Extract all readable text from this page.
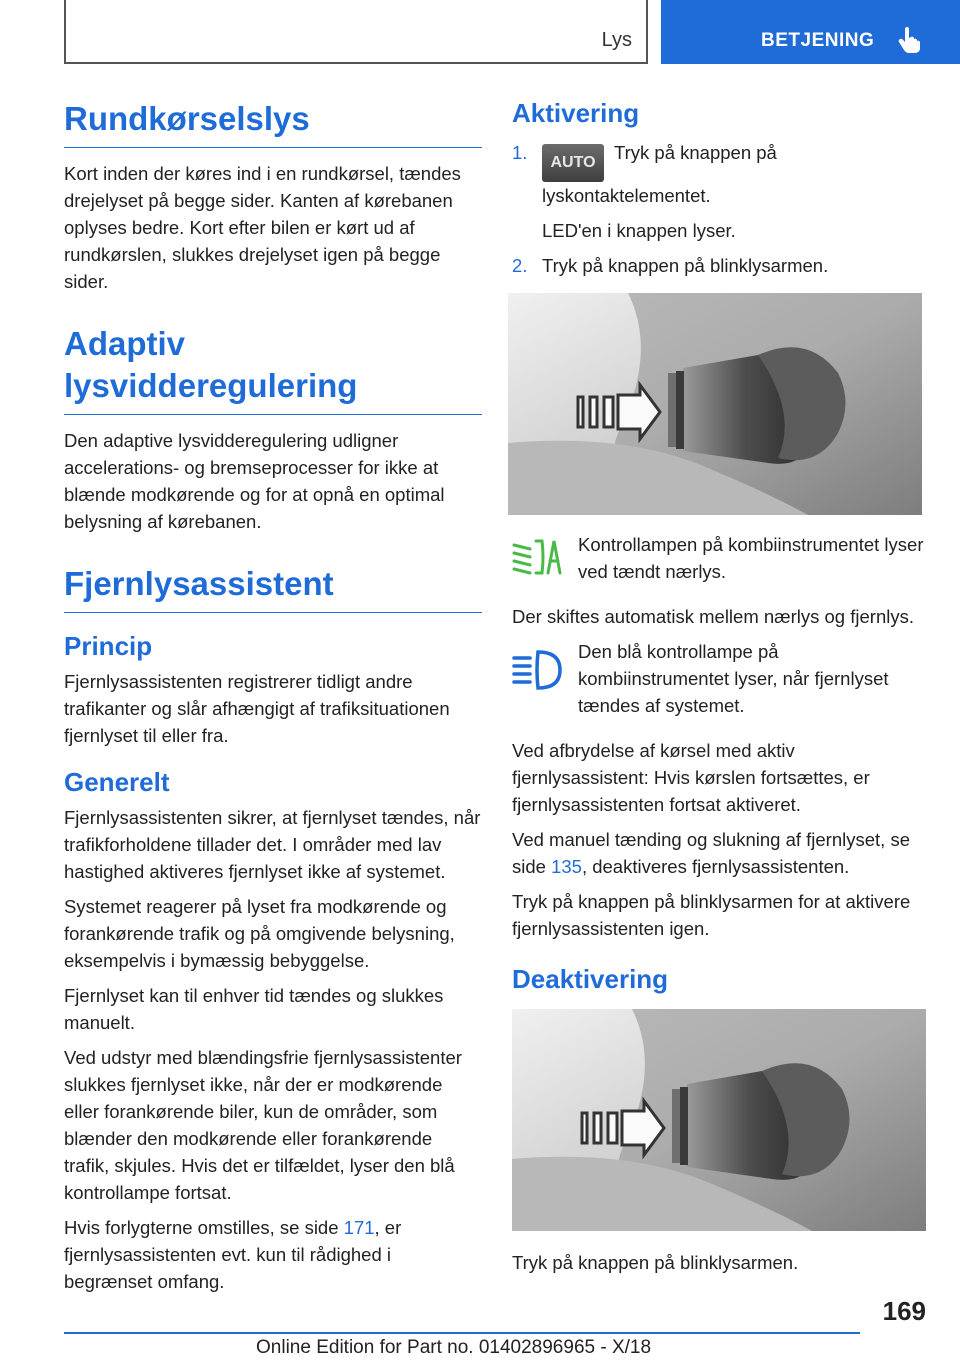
Lys	BETJENING
Rundkørselslys

Kort inden der køres ind i en rundkørsel, tændes drejelyset på begge sider. Kanten af kørebanen oplyses bedre. Kort efter bilen er kørt ud af rundkørslen, slukkes drejelyset igen på begge sider.

Adaptiv lysvidderegulering

Den adaptive lysvidderegulering udligner accelerations- og bremseprocesser for ikke at blænde modkørende og for at opnå en optimal belysning af kørebanen.

Fjernlysassistent
Princip

Fjernlysassistenten registrerer tidligt andre trafikanter og slår afhængigt af trafiksituationen fjernlyset til eller fra.

Generelt

Fjernlysassistenten sikrer, at fjernlyset tændes, når trafikforholdene tillader det. I områder med lav hastighed aktiveres fjernlyset ikke af systemet.

Systemet reagerer på lyset fra modkørende og forankørende trafik og på omgivende belysning, eksempelvis i bymæssig bebyggelse.

Fjernlyset kan til enhver tid tændes og slukkes manuelt.

Ved udstyr med blændingsfrie fjernlysassistenter slukkes fjernlyset ikke, når der er modkørende eller forankørende biler, kun de områder, som blænder den modkørende eller forankørende trafik, skjules. Hvis det er tilfældet, lyser den blå kontrollampe fortsat.

Hvis forlygterne omstilles, se side 171, er fjernlysassistenten evt. kun til rådighed i begrænset omfang.

Aktivering
1. AUTO Tryk på knappen på lyskontaktelementet.
LED'en i knappen lyser.
2. Tryk på knappen på blinklysarmen.

Kontrollampen på kombiinstrumentet lyser ved tændt nærlys.

Der skiftes automatisk mellem nærlys og fjernlys.

Den blå kontrollampe på kombiinstrumentet lyser, når fjernlyset tændes af systemet.

Ved afbrydelse af kørsel med aktiv fjernlysassistent: Hvis kørslen fortsættes, er fjernlysassistenten fortsat aktiveret.

Ved manuel tænding og slukning af fjernlyset, se side 135, deaktiveres fjernlysassistenten.

Tryk på knappen på blinklysarmen for at aktivere fjernlysassistenten igen.

Deaktivering

Tryk på knappen på blinklysarmen.

169
Online Edition for Part no. 01402896965 - X/18
